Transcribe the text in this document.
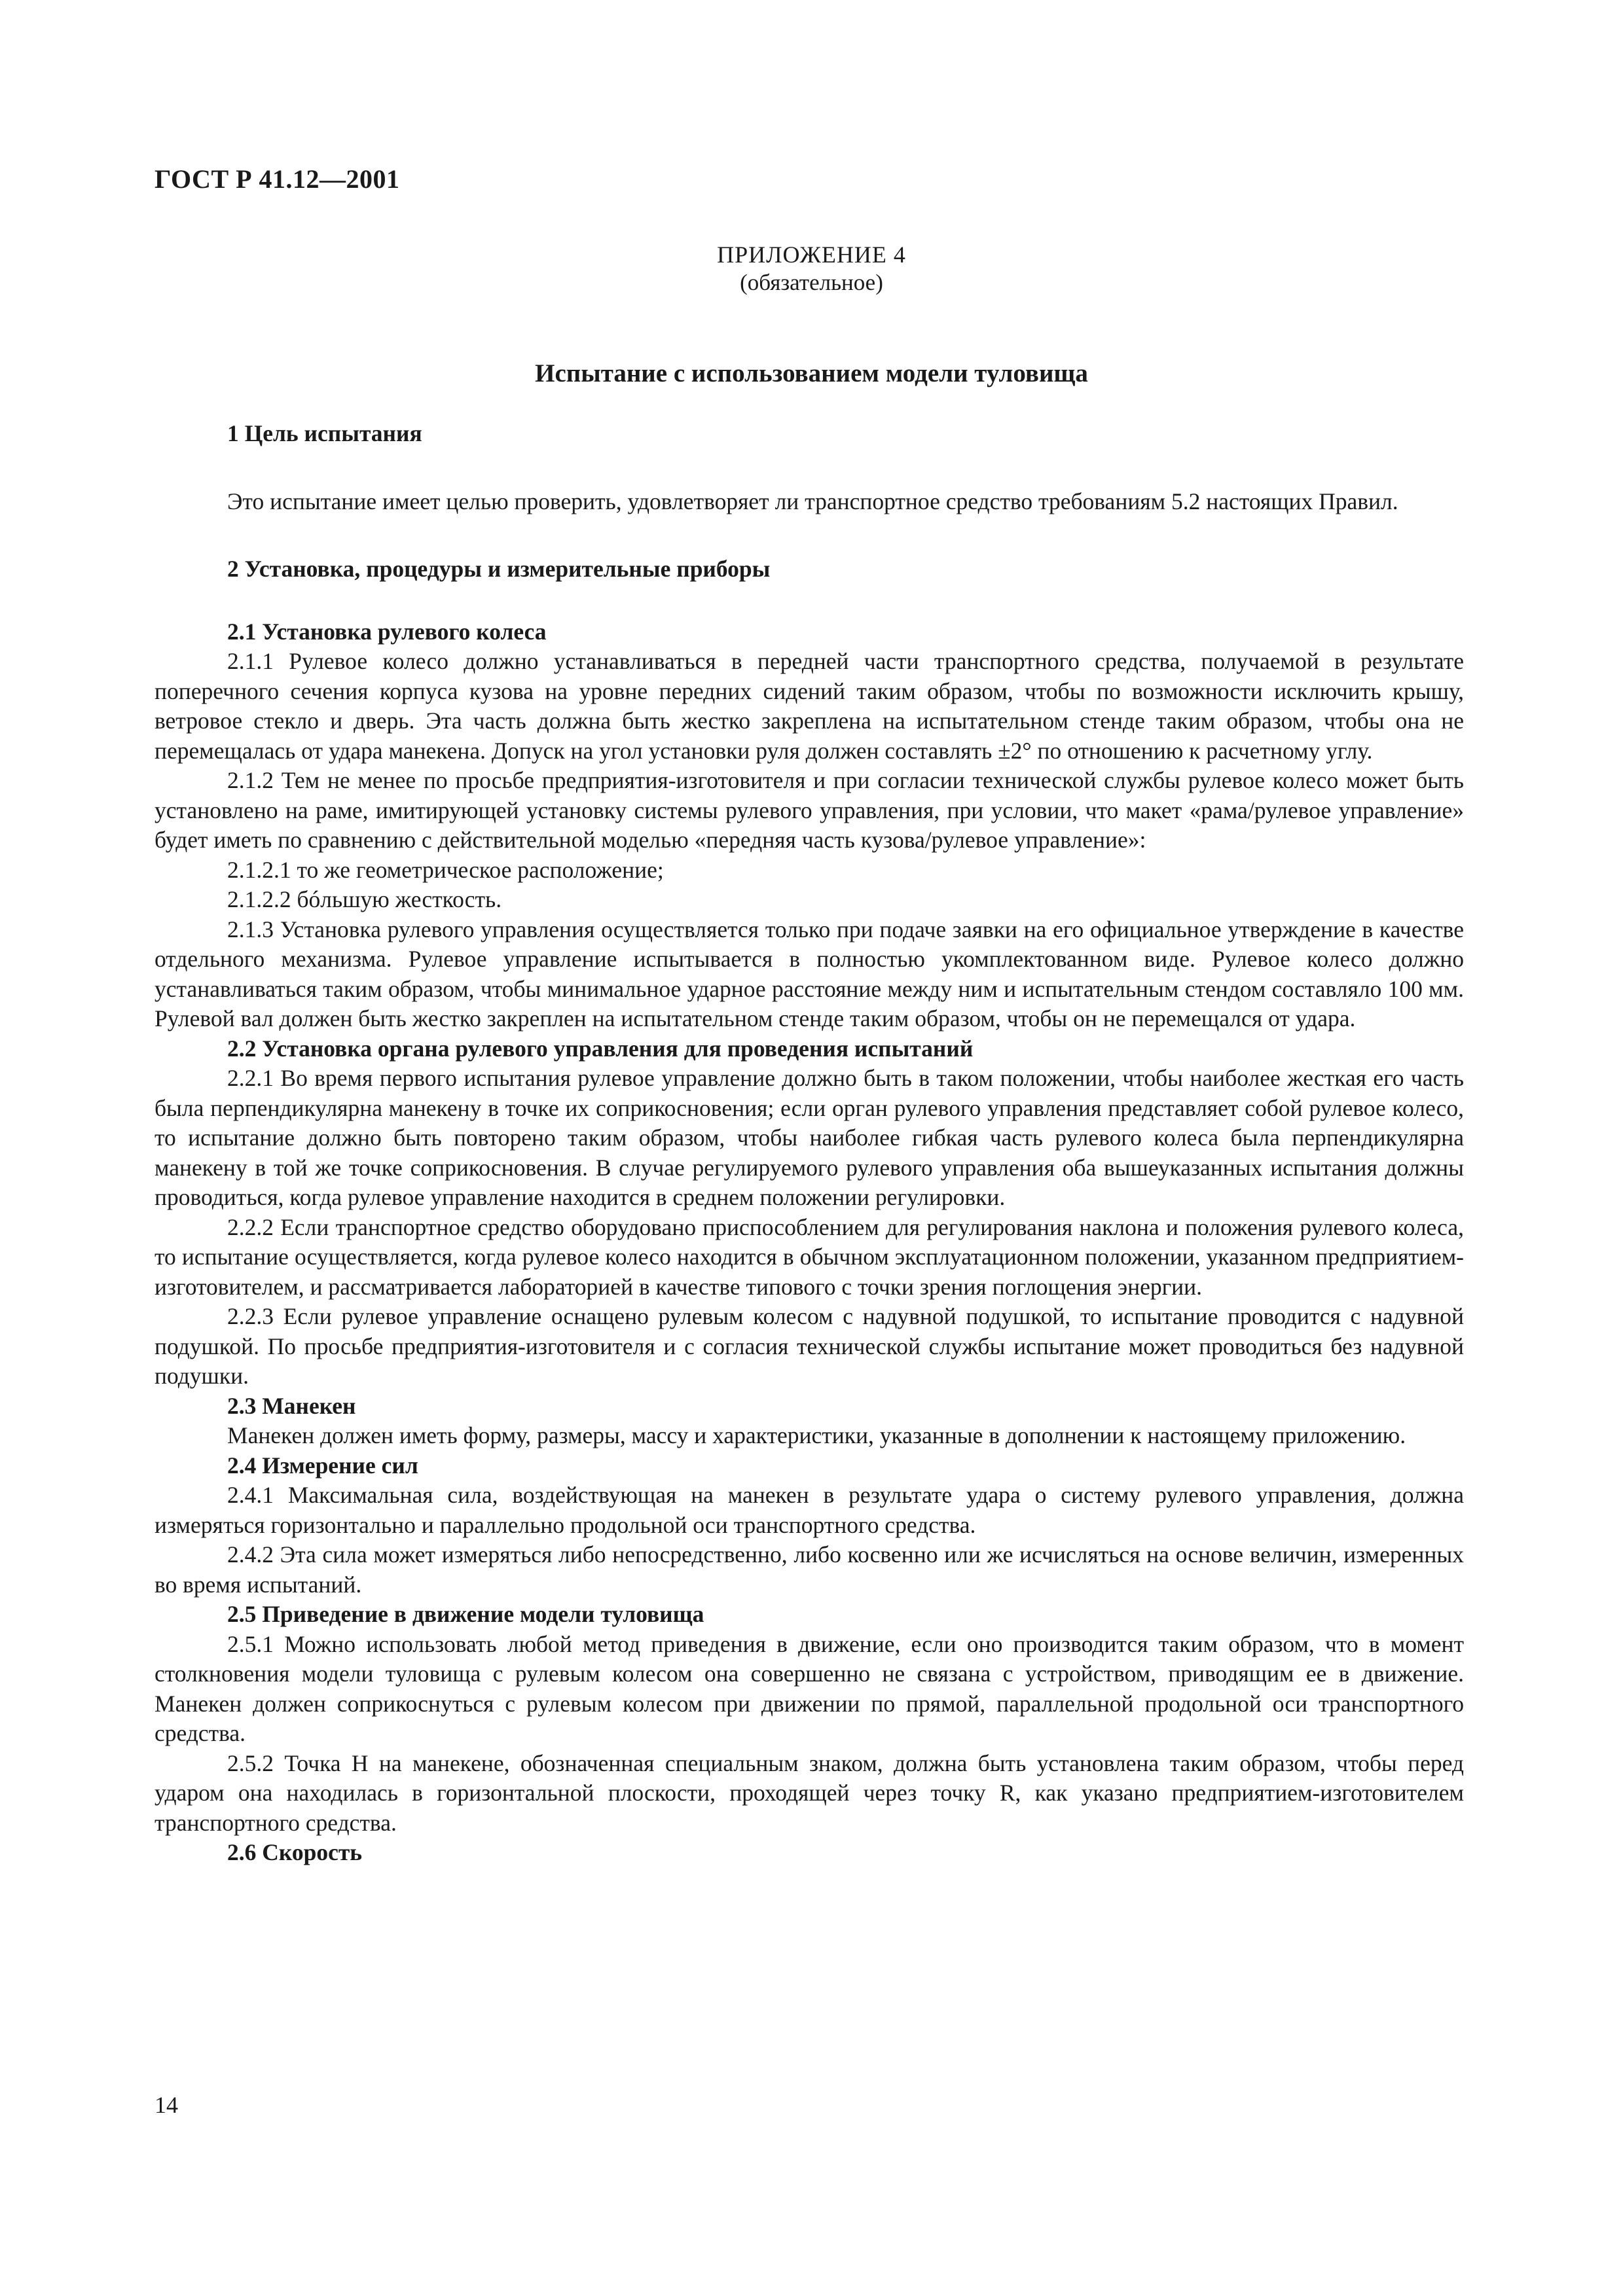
ГОСТ Р 41.12—2001
ПРИЛОЖЕНИЕ 4
(обязательное)
Испытание с использованием модели туловища

1 Цель испытания

Это испытание имеет целью проверить, удовлетворяет ли транспортное средство требованиям 5.2 настоящих Правил.

2 Установка, процедуры и измерительные приборы

2.1 Установка рулевого колеса

2.1.1 Рулевое колесо должно устанавливаться в передней части транспортного средства, получаемой в результате поперечного сечения корпуса кузова на уровне передних сидений таким образом, чтобы по возможности исключить крышу, ветровое стекло и дверь. Эта часть должна быть жестко закреплена на испытательном стенде таким образом, чтобы она не перемещалась от удара манекена. Допуск на угол установки руля должен составлять ±2° по отношению к расчетному углу.

2.1.2 Тем не менее по просьбе предприятия-изготовителя и при согласии технической службы рулевое колесо может быть установлено на раме, имитирующей установку системы рулевого управления, при условии, что макет «рама/рулевое управление» будет иметь по сравнению с действительной моделью «передняя часть кузова/рулевое управление»:

2.1.2.1 то же геометрическое расположение;

2.1.2.2 бóльшую жесткость.

2.1.3 Установка рулевого управления осуществляется только при подаче заявки на его официальное утверждение в качестве отдельного механизма. Рулевое управление испытывается в полностью укомплектованном виде. Рулевое колесо должно устанавливаться таким образом, чтобы минимальное ударное расстояние между ним и испытательным стендом составляло 100 мм. Рулевой вал должен быть жестко закреплен на испытательном стенде таким образом, чтобы он не перемещался от удара.

2.2 Установка органа рулевого управления для проведения испытаний

2.2.1 Во время первого испытания рулевое управление должно быть в таком положении, чтобы наиболее жесткая его часть была перпендикулярна манекену в точке их соприкосновения; если орган рулевого управления представляет собой рулевое колесо, то испытание должно быть повторено таким образом, чтобы наиболее гибкая часть рулевого колеса была перпендикулярна манекену в той же точке соприкосновения. В случае регулируемого рулевого управления оба вышеуказанных испытания должны проводиться, когда рулевое управление находится в среднем положении регулировки.

2.2.2 Если транспортное средство оборудовано приспособлением для регулирования наклона и положения рулевого колеса, то испытание осуществляется, когда рулевое колесо находится в обычном эксплуатационном положении, указанном предприятием-изготовителем, и рассматривается лабораторией в качестве типового с точки зрения поглощения энергии.

2.2.3 Если рулевое управление оснащено рулевым колесом с надувной подушкой, то испытание проводится с надувной подушкой. По просьбе предприятия-изготовителя и с согласия технической службы испытание может проводиться без надувной подушки.

2.3 Манекен

Манекен должен иметь форму, размеры, массу и характеристики, указанные в дополнении к настоящему приложению.

2.4 Измерение сил

2.4.1 Максимальная сила, воздействующая на манекен в результате удара о систему рулевого управления, должна измеряться горизонтально и параллельно продольной оси транспортного средства.

2.4.2 Эта сила может измеряться либо непосредственно, либо косвенно или же исчисляться на основе величин, измеренных во время испытаний.

2.5 Приведение в движение модели туловища

2.5.1 Можно использовать любой метод приведения в движение, если оно производится таким образом, что в момент столкновения модели туловища с рулевым колесом она совершенно не связана с устройством, приводящим ее в движение. Манекен должен соприкоснуться с рулевым колесом при движении по прямой, параллельной продольной оси транспортного средства.

2.5.2 Точка H на манекене, обозначенная специальным знаком, должна быть установлена таким образом, чтобы перед ударом она находилась в горизонтальной плоскости, проходящей через точку R, как указано предприятием-изготовителем транспортного средства.

2.6 Скорость

14
